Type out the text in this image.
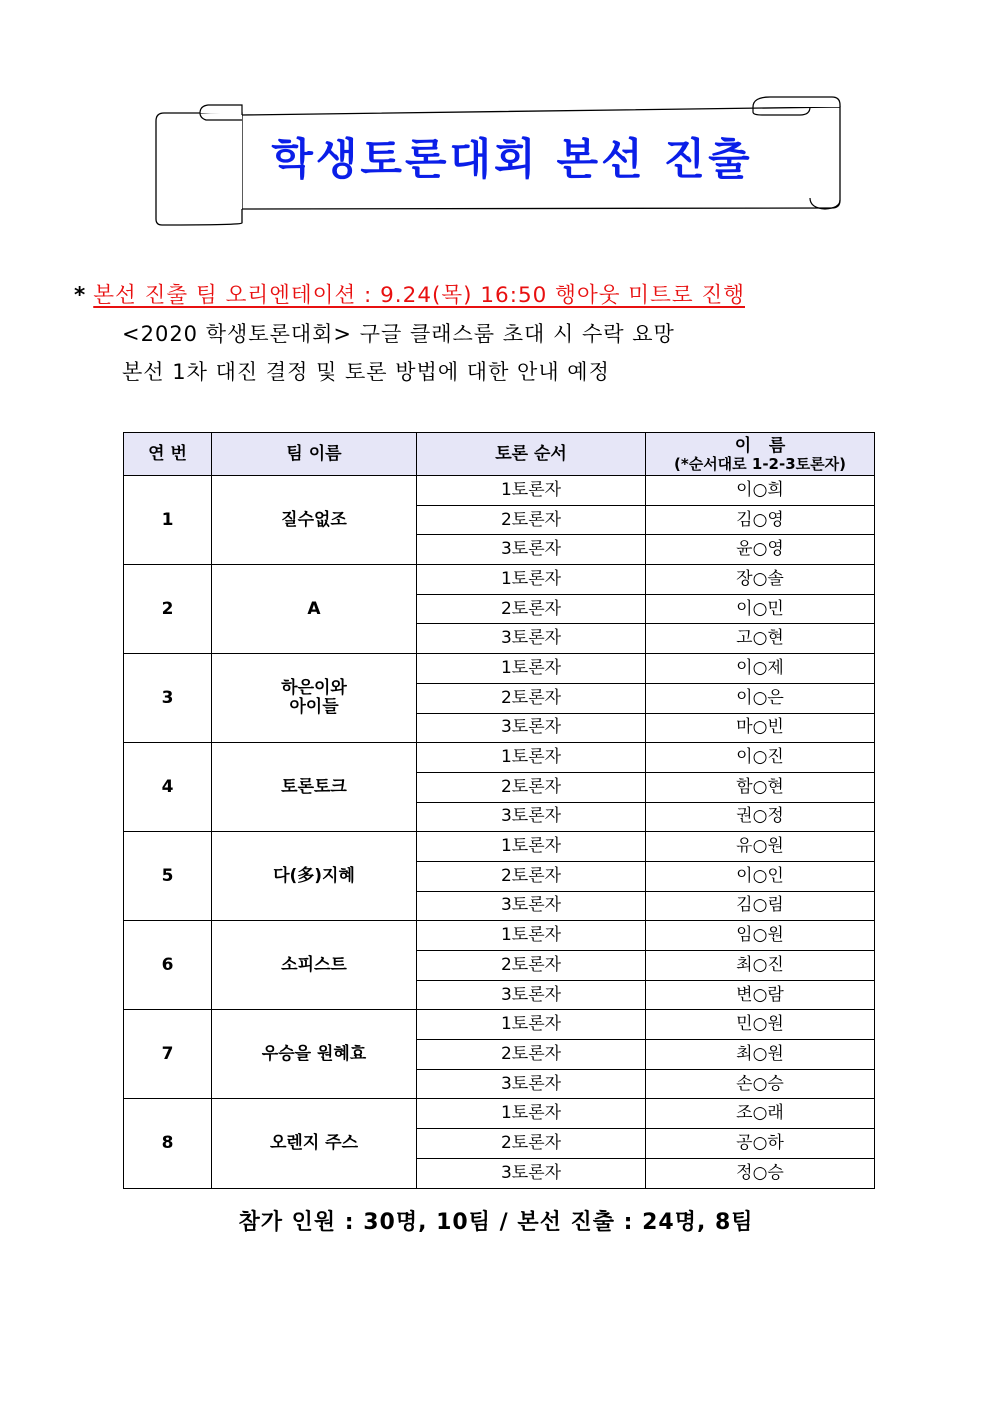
학생토론대회 본선 진출
* 본선 진출 팀 오리엔테이션 : 9.24(목) 16:50 행아웃 미트로 진행
<2020 학생토론대회> 구글 클래스룸 초대 시 수락 요망
본선 1차 대진 결정 및 토론 방법에 대한 안내 예정
연 번	팀 이름	토론 순서	이   름
(*순서대로 1-2-3토론자)

1	질수없조	1토론자	이○희
		2토론자	김○영
		3토론자	윤○영
2	A	1토론자	장○솔
		2토론자	이○민
		3토론자	고○현
3	하은이와
아이들	1토론자	이○제
		2토론자	이○은
		3토론자	마○빈
4	토론토크	1토론자	이○진
		2토론자	함○현
		3토론자	권○정
5	다(多)지혜	1토론자	유○원
		2토론자	이○인
		3토론자	김○림
6	소피스트	1토론자	임○원
		2토론자	최○진
		3토론자	변○람
7	우승을 원혜효	1토론자	민○원
		2토론자	최○원
		3토론자	손○승
8	오렌지 주스	1토론자	조○래
		2토론자	공○하
		3토론자	정○승
참가 인원 : 30명, 10팀 / 본선 진출 : 24명, 8팀
